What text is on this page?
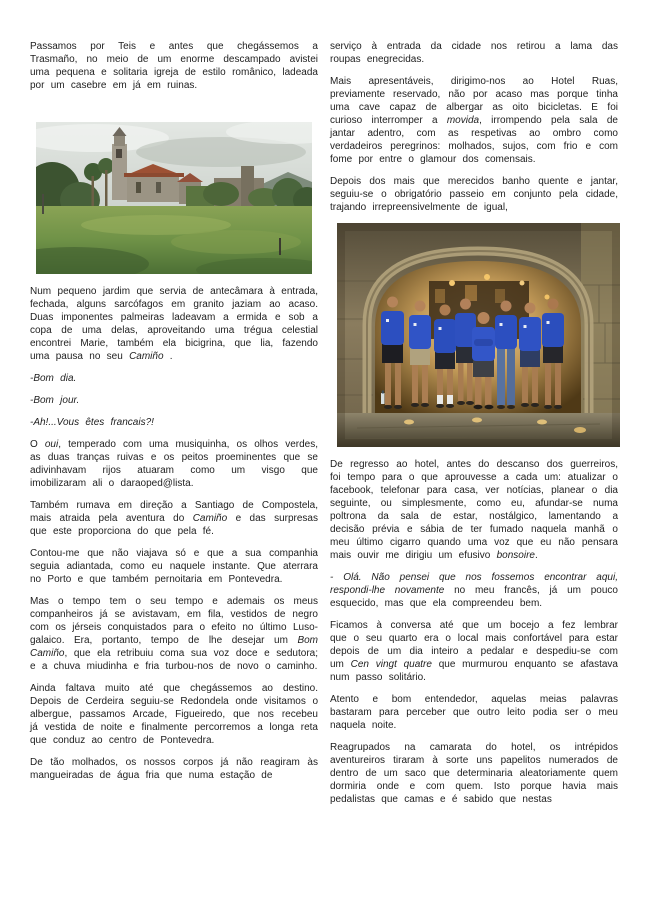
Passamos por Teis e antes que chegássemos a Trasmaño, no meio de um enorme descampado avistei uma pequena e solitaria igreja de estilo românico, ladeada por um casebre em já em ruinas.

Num pequeno jardim que servia de antecâmara à entrada, fechada, alguns sarcófagos em granito jaziam ao acaso. Duas imponentes palmeiras ladeavam a ermida e sob a copa de uma delas, aproveitando uma trégua celestial encontrei Marie, também ela bicigrina, que lia, fazendo uma pausa no seu Camiño .

-Bom dia.

-Bom jour.

-Ah!...Vous êtes francais?!

O oui, temperado com uma musiquinha, os olhos verdes, as duas tranças ruivas e os peitos proeminentes que se adivinhavam rijos atuaram como um visgo que imobilizaram ali o daraoped@lista.

Também rumava em direção a Santiago de Compostela, mais atraida pela aventura do Camiño e das surpresas que este proporciona do que pela fé.

Contou-me que não viajava só e que a sua companhia seguia adiantada, como eu naquele instante. Que aterrara no Porto e que também pernoitaria em Pontevedra.

Mas o tempo tem o seu tempo e ademais os meus companheiros já se avistavam, em fila, vestidos de negro com os jérseis conquistados para o efeito no último Luso-galaico. Era, portanto, tempo de lhe desejar um Bom Camiño, que ela retribuiu coma sua voz doce e sedutora; e a chuva miudinha e fria turbou-nos de novo o caminho.

Ainda faltava muito até que chegássemos ao destino. Depois de Cerdeira seguiu-se Redondela onde visitamos o albergue, passamos Arcade, Figueiredo, que nos recebeu já vestida de noite e finalmente percorremos a longa reta que conduz ao centro de Pontevedra.

De tão molhados, os nossos corpos já não reagiram às mangueiradas de água fria que numa estação de

serviço à entrada da cidade nos retirou a lama das roupas enegrecidas.

Mais apresentáveis, dirigimo-nos ao Hotel Ruas, previamente reservado, não por acaso mas porque tinha uma cave capaz de albergar as oito bicicletas. E foi curioso interromper a movida, irrompendo pela sala de jantar adentro, com as respetivas ao ombro como verdadeiros peregrinos: molhados, sujos, com frio e com fome por entre o glamour dos comensais.

Depois dos mais que merecidos banho quente e jantar, seguiu-se o obrigatório passeio em conjunto pela cidade, trajando irrepreensivelmente de igual,

De regresso ao hotel, antes do descanso dos guerreiros, foi tempo para o que aprouvesse a cada um: atualizar o facebook, telefonar para casa, ver notícias, planear o dia seguinte, ou simplesmente, como eu, afundar-se numa poltrona da sala de estar, nostálgico, lamentando a decisão prévia e sábia de ter fumado naquela manhã o meu último cigarro quando uma voz que eu não pensara mais ouvir me dirigiu um efusivo bonsoire.

- Olá. Não pensei que nos fossemos encontrar aqui, respondi-lhe novamente no meu francês, já um pouco esquecido, mas que ela compreendeu bem.

Ficamos à conversa até que um bocejo a fez lembrar que o seu quarto era o local mais confortável para estar depois de um dia inteiro a pedalar e despediu-se com um Cen vingt quatre que murmurou enquanto se afastava num passo solitário.

Atento e bom entendedor, aquelas meias palavras bastaram para perceber que outro leito podia ser o meu naquela noite.

Reagrupados na camarata do hotel, os intrépidos aventureiros tiraram à sorte uns papelitos numerados de dentro de um saco que determinaria aleatoriamente quem dormiria onde e com quem. Isto porque havia mais pedalistas que camas e é sabido que nestas
